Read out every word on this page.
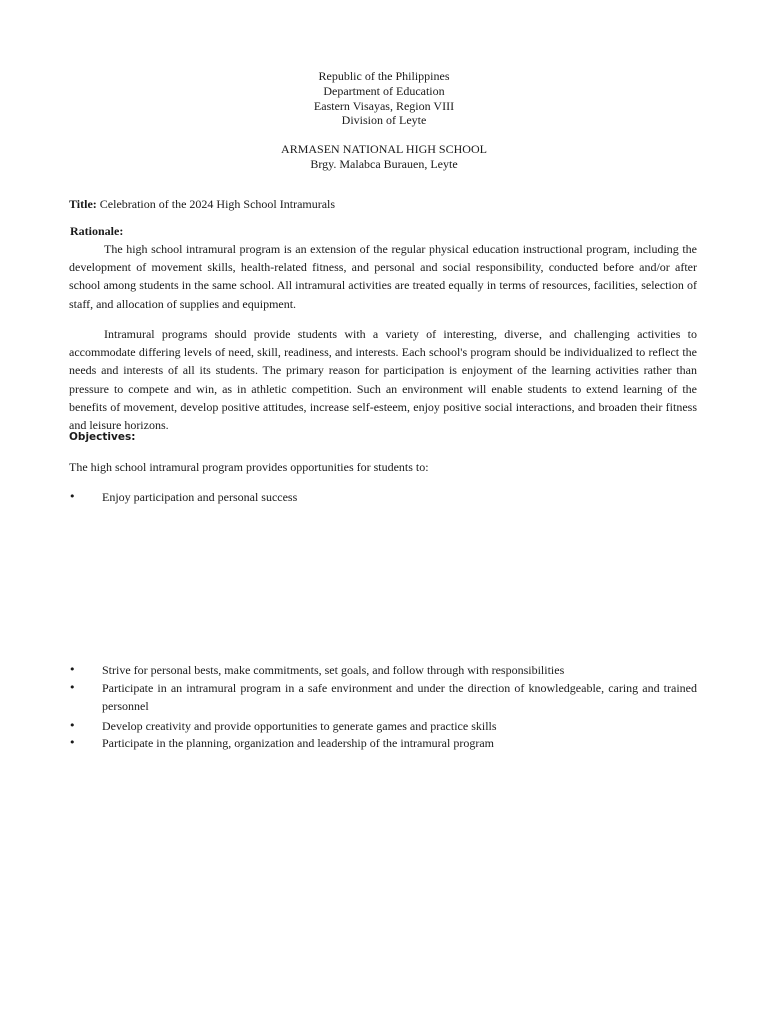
Republic of the Philippines
Department of Education
Eastern Visayas, Region VIII
Division of Leyte
ARMASEN NATIONAL HIGH SCHOOL
Brgy. Malabca Burauen, Leyte
Title: Celebration of the 2024 High School Intramurals
Rationale:

The high school intramural program is an extension of the regular physical education instructional program, including the development of movement skills, health-related fitness, and personal and social responsibility, conducted before and/or after school among students in the same school. All intramural activities are treated equally in terms of resources, facilities, selection of staff, and allocation of supplies and equipment.

Intramural programs should provide students with a variety of interesting, diverse, and challenging activities to accommodate differing levels of need, skill, readiness, and interests. Each school's program should be individualized to reflect the needs and interests of all its students. The primary reason for participation is enjoyment of the learning activities rather than pressure to compete and win, as in athletic competition. Such an environment will enable students to extend learning of the benefits of movement, develop positive attitudes, increase self-esteem, enjoy positive social interactions, and broaden their fitness and leisure horizons.

Objectives:
The high school intramural program provides opportunities for students to:
• Enjoy participation and personal success
• Strive for personal bests, make commitments, set goals, and follow through with responsibilities
• Participate in an intramural program in a safe environment and under the direction of knowledgeable, caring and trained personnel
• Develop creativity and provide opportunities to generate games and practice skills
• Participate in the planning, organization and leadership of the intramural program
